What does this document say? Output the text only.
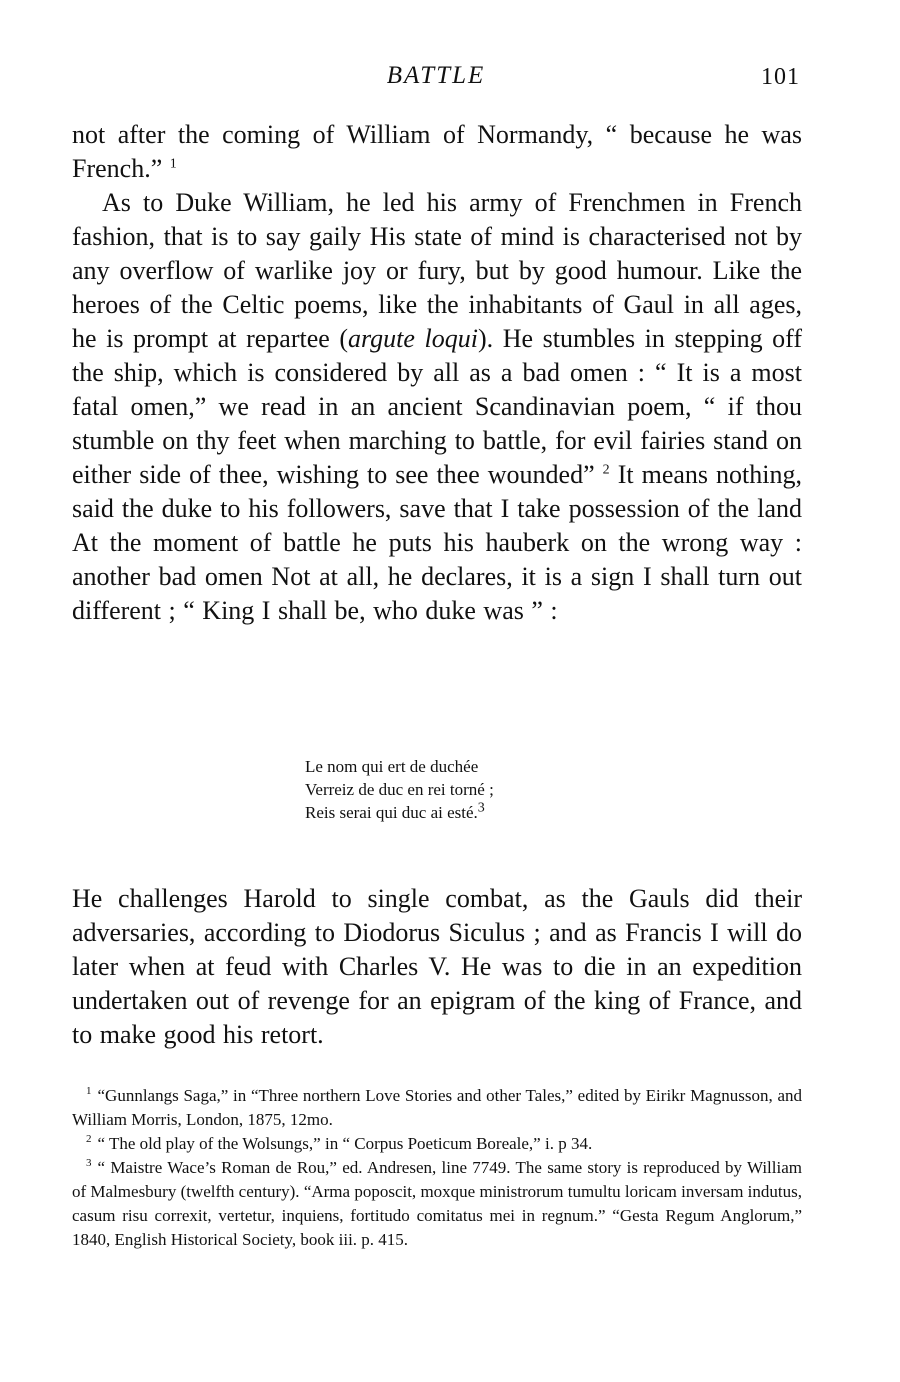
BATTLE	101

not after the coming of William of Normandy, “ because he was French.” $^1$

As to Duke William, he led his army of Frenchmen in French fashion, that is to say gaily His state of mind is characterised not by any overflow of warlike joy or fury, but by good humour. Like the heroes of the Celtic poems, like the inhabitants of Gaul in all ages, he is prompt at repartee (argute loqui). He stumbles in stepping off the ship, which is considered by all as a bad omen : “ It is a most fatal omen,” we read in an ancient Scandinavian poem, “ if thou stumble on thy feet when marching to battle, for evil fairies stand on either side of thee, wishing to see thee wounded” $^2$ It means nothing, said the duke to his followers, save that I take possession of the land At the moment of battle he puts his hauberk on the wrong way : another bad omen Not at all, he declares, it is a sign I shall turn out different ; “ King I shall be, who duke was ” :

Le nom qui ert de duchée
Verreiz de duc en rei torné ;
Reis serai qui duc ai esté.$^3$

He challenges Harold to single combat, as the Gauls did their adversaries, according to Diodorus Siculus ; and as Francis I will do later when at feud with Charles V. He was to die in an expedition undertaken out of revenge for an epigram of the king of France, and to make good his retort.

$^1$ “Gunnlangs Saga,” in “Three northern Love Stories and other Tales,” edited by Eirikr Magnusson, and William Morris, London, 1875, 12mo.

$^2$ “ The old play of the Wolsungs,” in “ Corpus Poeticum Boreale,” i. p 34.

$^3$ “ Maistre Wace’s Roman de Rou,” ed. Andresen, line 7749. The same story is reproduced by William of Malmesbury (twelfth century). “Arma poposcit, moxque ministrorum tumultu loricam inversam indutus, casum risu correxit, vertetur, inquiens, fortitudo comitatus mei in regnum.” “Gesta Regum Anglorum,” 1840, English Historical Society, book iii. p. 415.
